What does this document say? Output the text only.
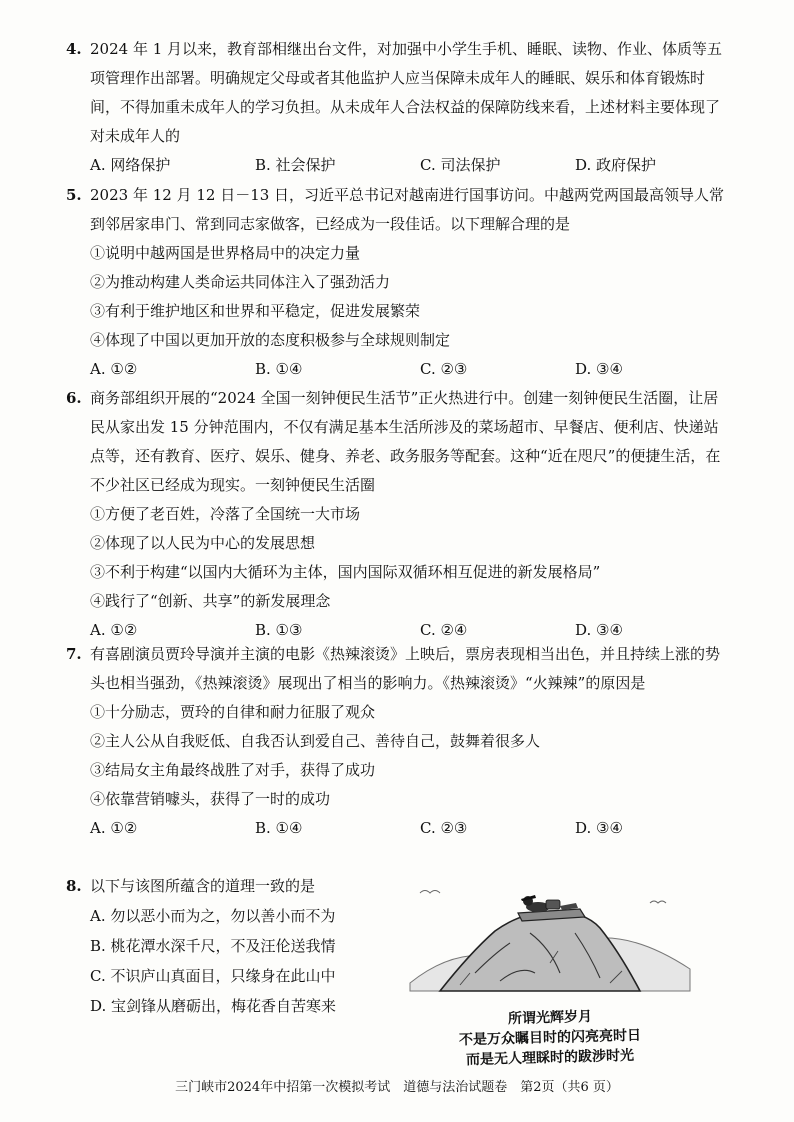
4. 2024 年 1 月以来，教育部相继出台文件，对加强中小学生手机、睡眠、读物、作业、体质等五项管理作出部署。明确规定父母或者其他监护人应当保障未成年人的睡眠、娱乐和体育锻炼时间，不得加重未成年人的学习负担。从未成年人合法权益的保障防线来看，上述材料主要体现了对未成年人的
A. 网络保护	B. 社会保护	C. 司法保护	D. 政府保护
5. 2023 年 12 月 12 日－13 日，习近平总书记对越南进行国事访问。中越两党两国最高领导人常到邻居家串门、常到同志家做客，已经成为一段佳话。以下理解合理的是
①说明中越两国是世界格局中的决定力量
②为推动构建人类命运共同体注入了强劲活力
③有利于维护地区和世界和平稳定，促进发展繁荣
④体现了中国以更加开放的态度积极参与全球规则制定
A. ①②	B. ①④	C. ②③	D. ③④
6. 商务部组织开展的“2024 全国一刻钟便民生活节”正火热进行中。创建一刻钟便民生活圈，让居民从家出发 15 分钟范围内，不仅有满足基本生活所涉及的菜场超市、早餐店、便利店、快递站点等，还有教育、医疗、娱乐、健身、养老、政务服务等配套。这种“近在咫尺”的便捷生活，在不少社区已经成为现实。一刻钟便民生活圈
①方便了老百姓，冷落了全国统一大市场
②体现了以人民为中心的发展思想
③不利于构建“以国内大循环为主体，国内国际双循环相互促进的新发展格局”
④践行了“创新、共享”的新发展理念
A. ①②	B. ①③	C. ②④	D. ③④
7. 有喜剧演员贾玲导演并主演的电影《热辣滚烫》上映后，票房表现相当出色，并且持续上涨的势头也相当强劲，《热辣滚烫》展现出了相当的影响力。《热辣滚烫》“火辣辣”的原因是
①十分励志，贾玲的自律和耐力征服了观众
②主人公从自我贬低、自我否认到爱自己、善待自己，鼓舞着很多人
③结局女主角最终战胜了对手，获得了成功
④依靠营销噱头，获得了一时的成功
A. ①②	B. ①④	C. ②③	D. ③④
8. 以下与该图所蕴含的道理一致的是
A. 勿以恶小而为之，勿以善小而不为
B. 桃花潭水深千尺，不及汪伦送我情
C. 不识庐山真面目，只缘身在此山中
D. 宝剑锋从磨砺出，梅花香自苦寒来
所谓光辉岁月
不是万众瞩目时的闪亮亮时日
而是无人理睬时的跋涉时光
三门峡市2024年中招第一次模拟考试　道德与法治试题卷　第2页（共6 页）
